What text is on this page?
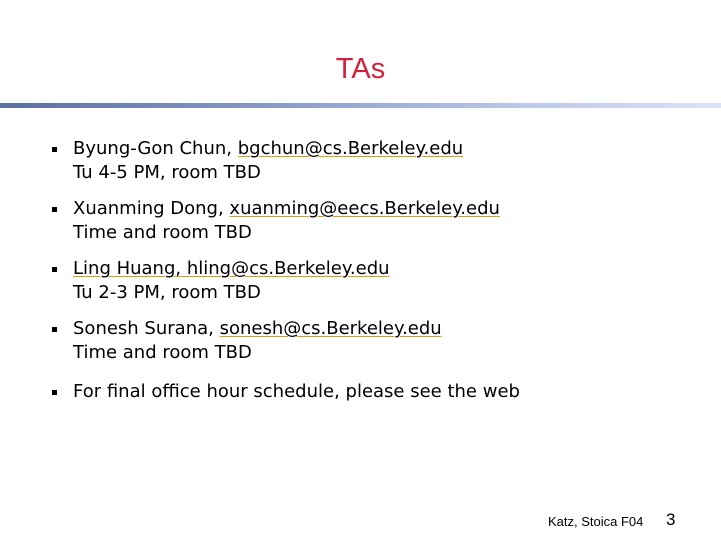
TAs
Byung-Gon Chun, bgchun@cs.Berkeley.edu
Tu 4-5 PM, room TBD
Xuanming Dong, xuanming@eecs.Berkeley.edu
Time and room TBD
Ling Huang, hling@cs.Berkeley.edu
Tu 2-3 PM, room TBD
Sonesh Surana, sonesh@cs.Berkeley.edu
Time and room TBD
For final office hour schedule, please see the web
Katz, Stoica F04 3
